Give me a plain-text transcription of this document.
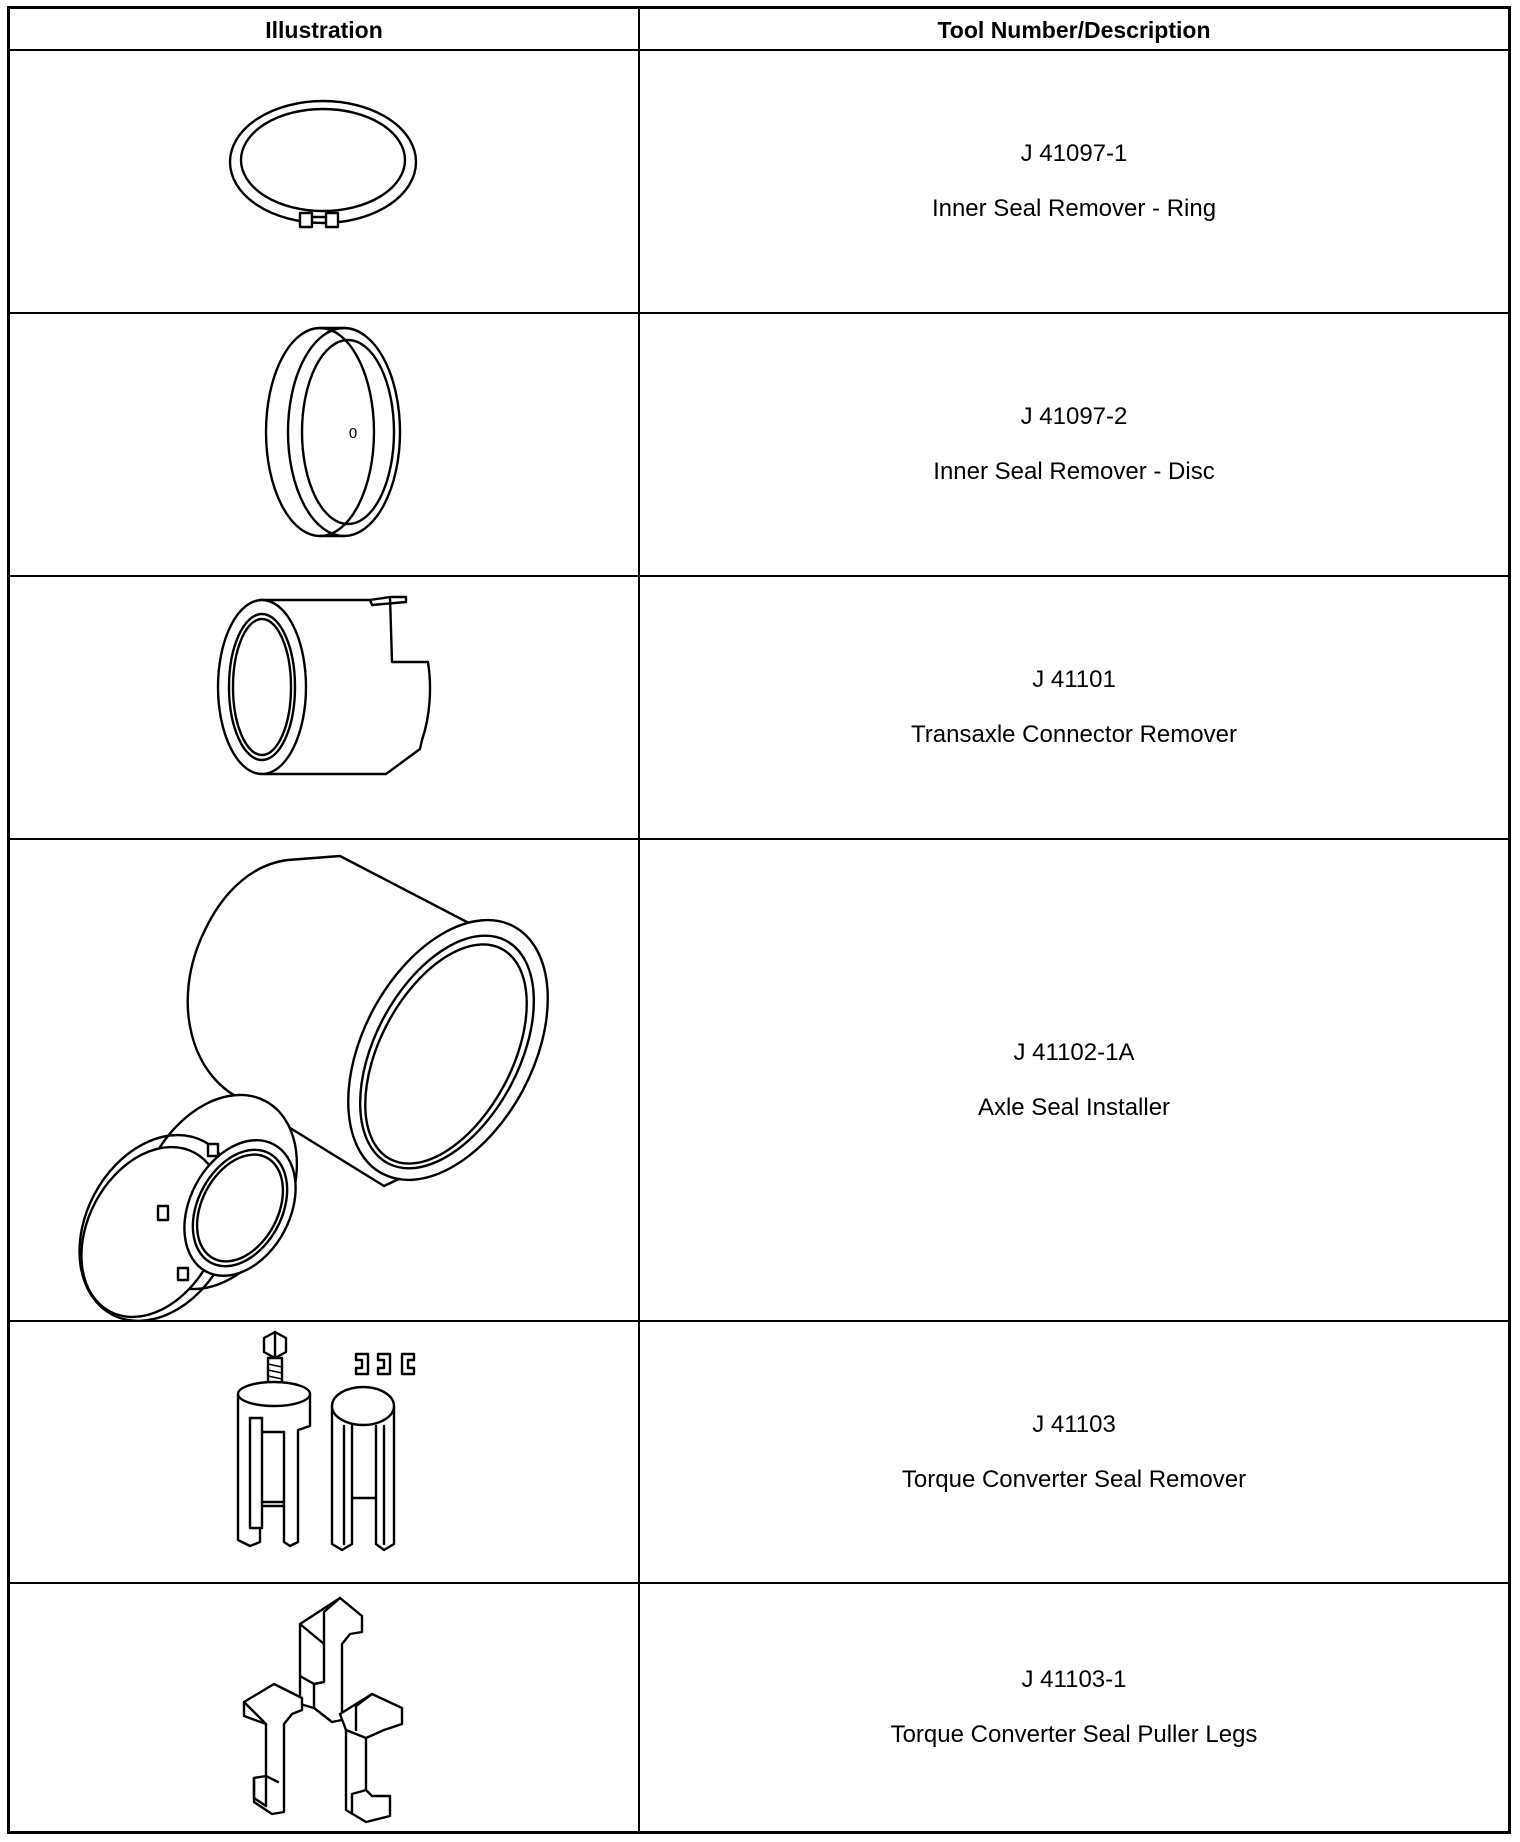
Illustration	Tool Number/Description
J 41097-1
Inner Seal Remover - Ring
0
J 41097-2
Inner Seal Remover - Disc
J 41101
Transaxle Connector Remover
J 41102-1A
Axle Seal Installer
J 41103
Torque Converter Seal Remover
J 41103-1
Torque Converter Seal Puller Legs
